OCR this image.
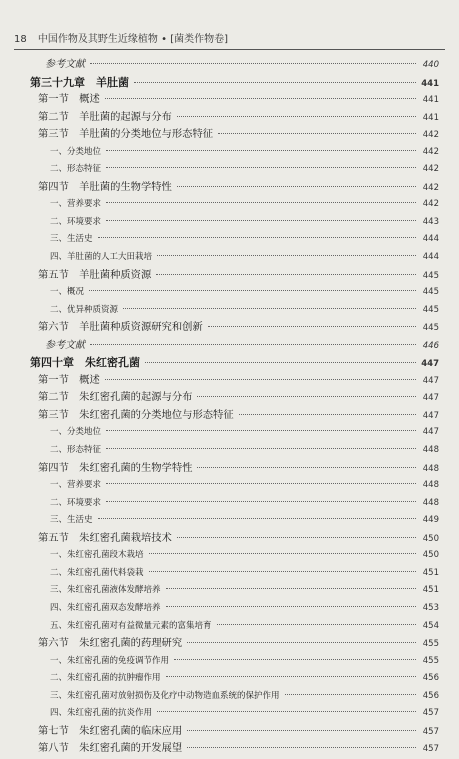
18 中国作物及其野生近缘植物 • [菌类作物卷]
参考文献	440
第三十九章　羊肚菌	441
第一节　概述	441
第二节　羊肚菌的起源与分布	441
第三节　羊肚菌的分类地位与形态特征	442
一、分类地位	442
二、形态特征	442
第四节　羊肚菌的生物学特性	442
一、营养要求	442
二、环境要求	443
三、生活史	444
四、羊肚菌的人工大田栽培	444
第五节　羊肚菌种质资源	445
一、概况	445
二、优异种质资源	445
第六节　羊肚菌种质资源研究和创新	445
参考文献	446
第四十章　朱红密孔菌	447
第一节　概述	447
第二节　朱红密孔菌的起源与分布	447
第三节　朱红密孔菌的分类地位与形态特征	447
一、分类地位	447
二、形态特征	448
第四节　朱红密孔菌的生物学特性	448
一、营养要求	448
二、环境要求	448
三、生活史	449
第五节　朱红密孔菌栽培技术	450
一、朱红密孔菌段木栽培	450
二、朱红密孔菌代料袋栽	451
三、朱红密孔菌液体发酵培养	451
四、朱红密孔菌双态发酵培养	453
五、朱红密孔菌对有益微量元素的富集培育	454
第六节　朱红密孔菌的药理研究	455
一、朱红密孔菌的免疫调节作用	455
二、朱红密孔菌的抗肿瘤作用	456
三、朱红密孔菌对放射损伤及化疗中动物造血系统的保护作用	456
四、朱红密孔菌的抗炎作用	457
第七节　朱红密孔菌的临床应用	457
第八节　朱红密孔菌的开发展望	457
